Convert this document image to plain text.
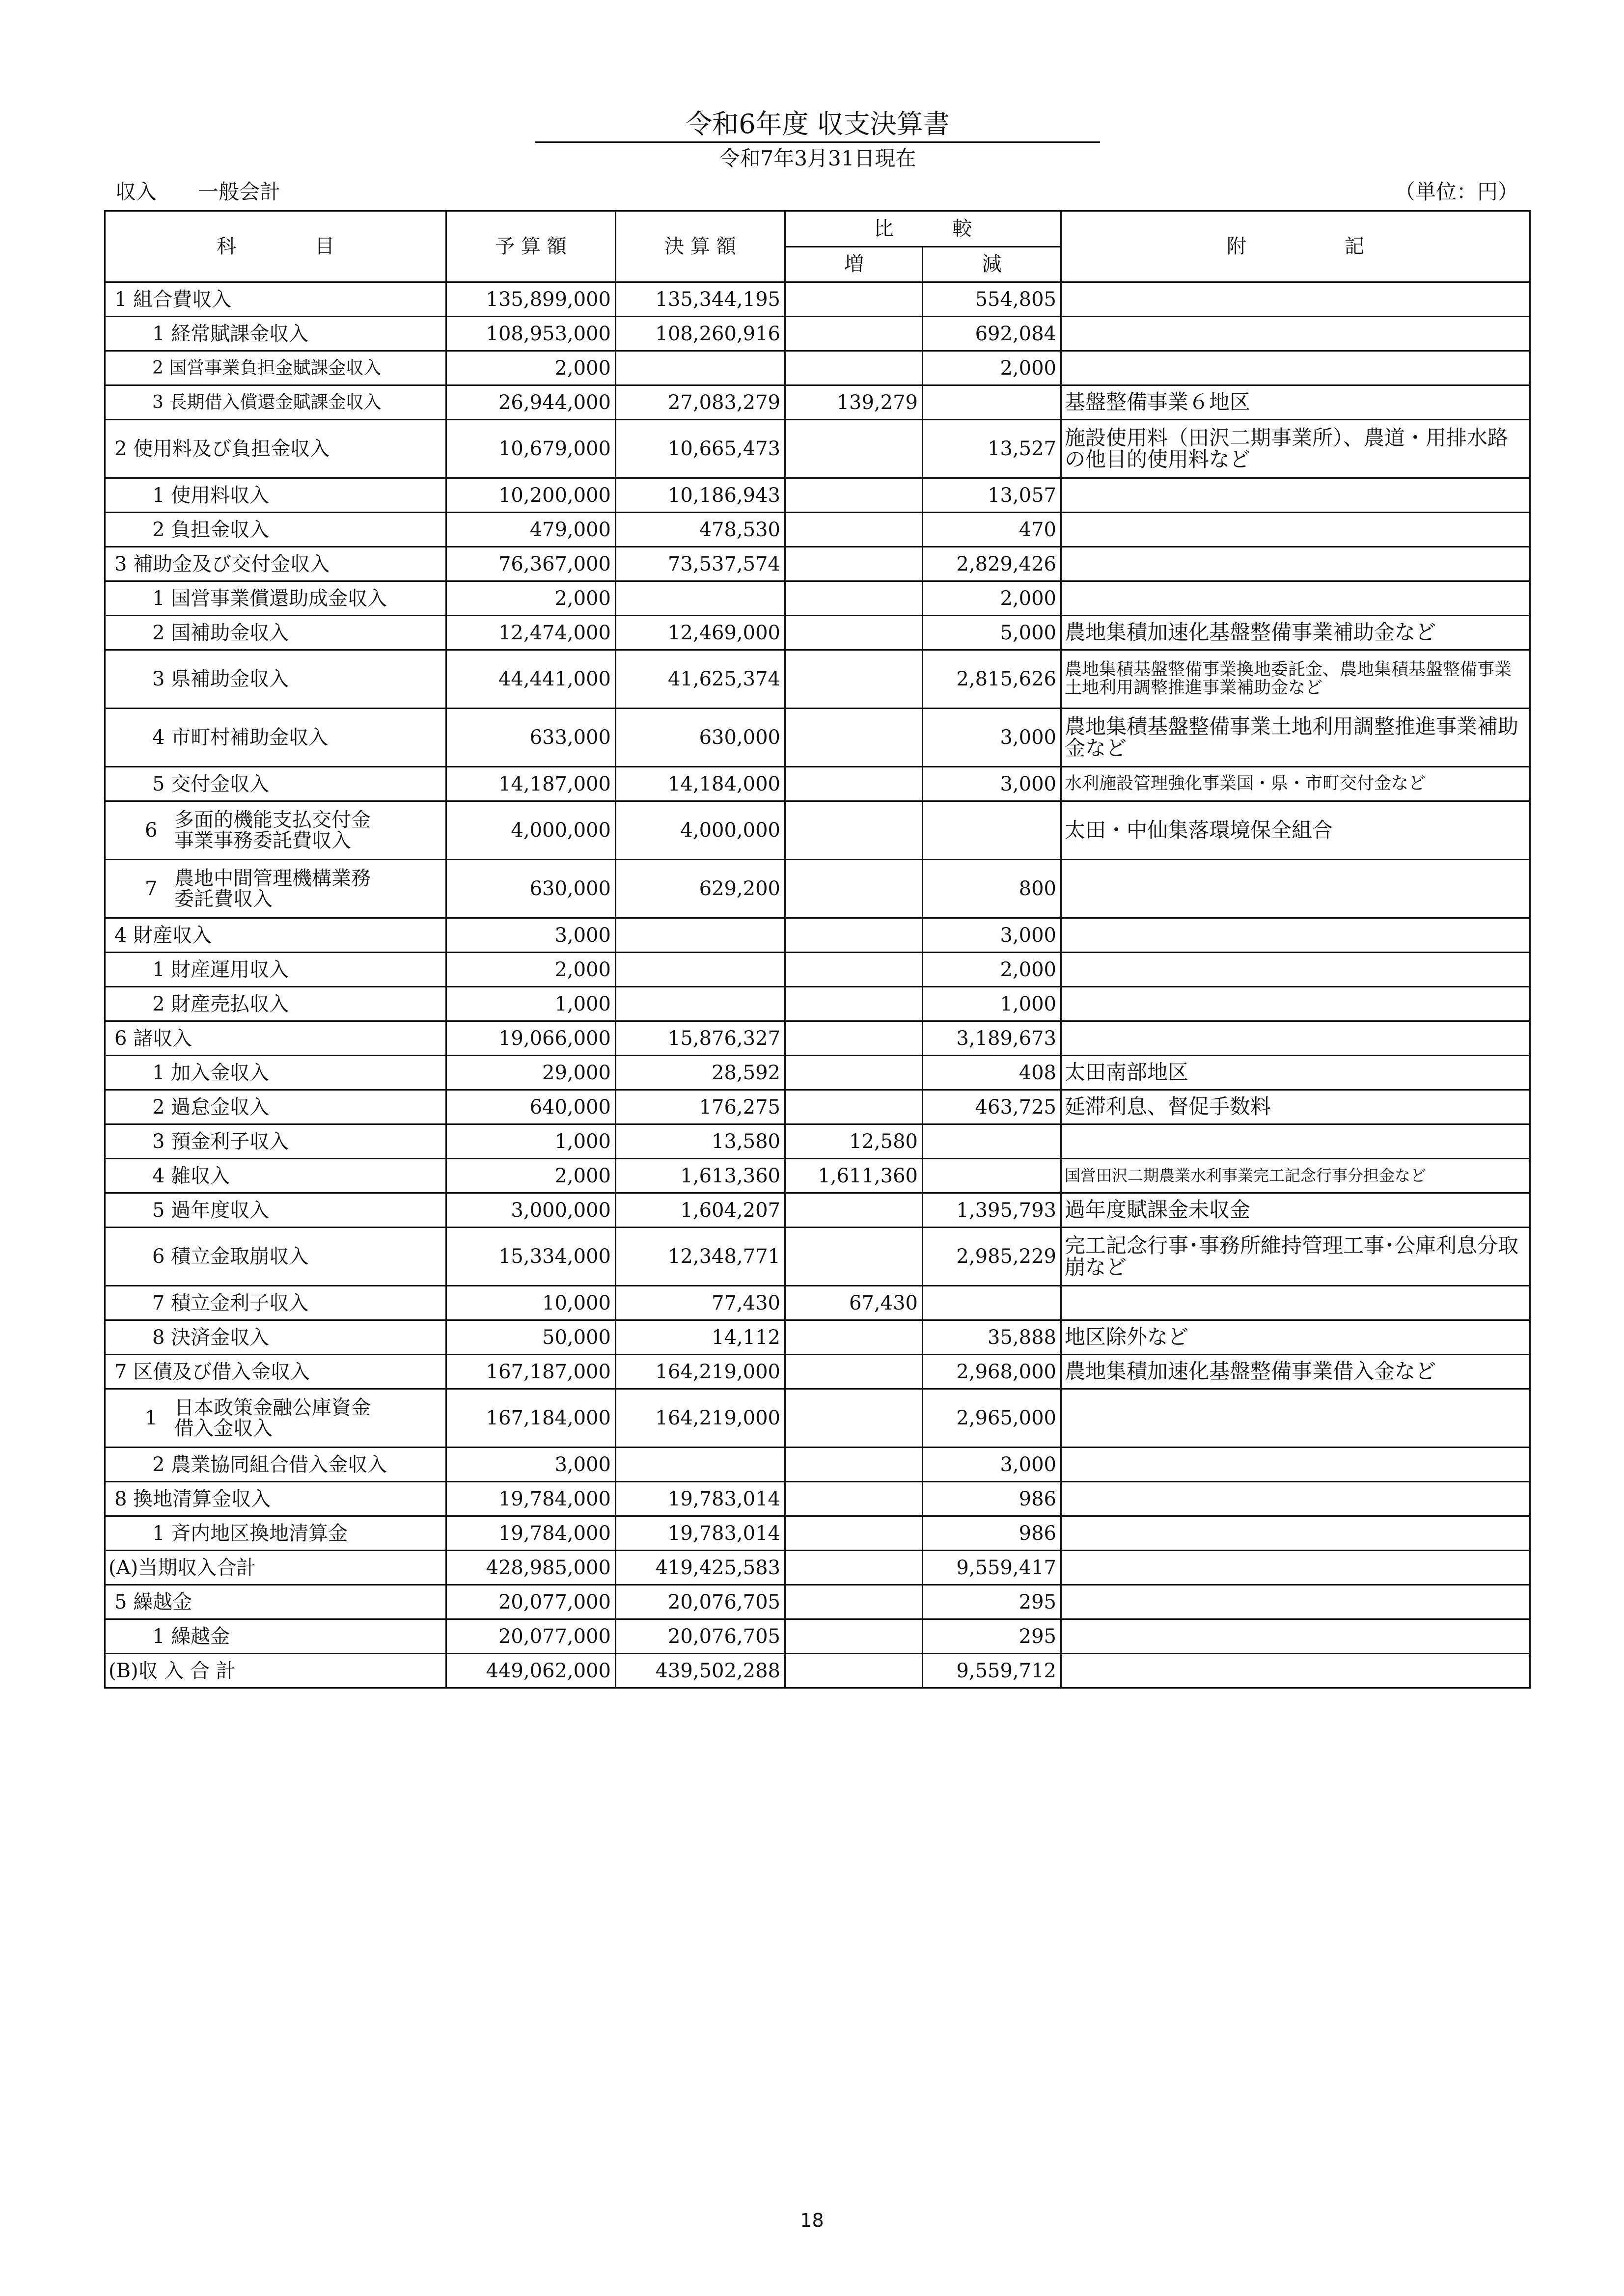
令和6年度 収支決算書
令和7年3月31日現在
収入　　一般会計	（単位：円）
科　　　　目	予 算 額	決 算 額	比　　　較		附　　　　　記
			増	減	
1 組合費収入	135,899,000	135,344,195		554,805	
1 経常賦課金収入	108,953,000	108,260,916		692,084	
2 国営事業負担金賦課金収入	2,000			2,000	
3 長期借入償還金賦課金収入	26,944,000	27,083,279	139,279		基盤整備事業６地区
2 使用料及び負担金収入	10,679,000	10,665,473		13,527	施設使用料（田沢二期事業所）、農道・用排水路の他目的使用料など
1 使用料収入	10,200,000	10,186,943		13,057	
2 負担金収入	479,000	478,530		470	
3 補助金及び交付金収入	76,367,000	73,537,574		2,829,426	
1 国営事業償還助成金収入	2,000			2,000	
2 国補助金収入	12,474,000	12,469,000		5,000	農地集積加速化基盤整備事業補助金など
3 県補助金収入	44,441,000	41,625,374		2,815,626	農地集積基盤整備事業換地委託金、農地集積基盤整備事業土地利用調整推進事業補助金など
4 市町村補助金収入	633,000	630,000		3,000	農地集積基盤整備事業土地利用調整推進事業補助金など
5 交付金収入	14,187,000	14,184,000		3,000	水利施設管理強化事業国・県・市町交付金など

6 多面的機能支払交付金
事業事務委託費収入	4,000,000	4,000,000			太田・中仙集落環境保全組合

7 農地中間管理機構業務
委託費収入	630,000	629,200		800	
4 財産収入	3,000			3,000	
1 財産運用収入	2,000			2,000	
2 財産売払収入	1,000			1,000	
6 諸収入	19,066,000	15,876,327		3,189,673	
1 加入金収入	29,000	28,592		408	太田南部地区
2 過怠金収入	640,000	176,275		463,725	延滞利息、督促手数料
3 預金利子収入	1,000	13,580	12,580		
4 雑収入	2,000	1,613,360	1,611,360		国営田沢二期農業水利事業完工記念行事分担金など
5 過年度収入	3,000,000	1,604,207		1,395,793	過年度賦課金未収金
6 積立金取崩収入	15,334,000	12,348,771		2,985,229	完工記念行事･事務所維持管理工事･公庫利息分取崩など
7 積立金利子収入	10,000	77,430	67,430		
8 決済金収入	50,000	14,112		35,888	地区除外など
7 区債及び借入金収入	167,187,000	164,219,000		2,968,000	農地集積加速化基盤整備事業借入金など

1 日本政策金融公庫資金
借入金収入	167,184,000	164,219,000		2,965,000	
2 農業協同組合借入金収入	3,000			3,000	
8 換地清算金収入	19,784,000	19,783,014		986	
1 斉内地区換地清算金	19,784,000	19,783,014		986	
(A)当期収入合計	428,985,000	419,425,583		9,559,417	
5 繰越金	20,077,000	20,076,705		295	
1 繰越金	20,077,000	20,076,705		295	
(B)収 入 合 計	449,062,000	439,502,288		9,559,712	
18
